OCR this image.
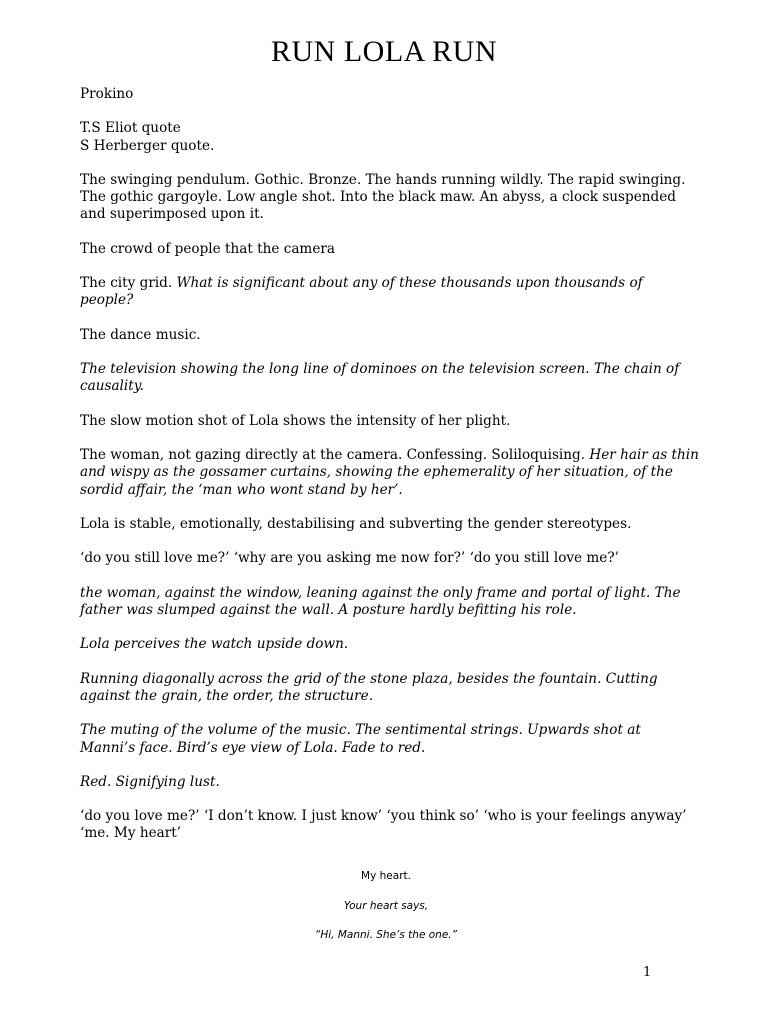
RUN LOLA RUN

Prokino

T.S Eliot quote

S Herberger quote.

The swinging pendulum. Gothic. Bronze. The hands running wildly. The rapid swinging. The gothic gargoyle. Low angle shot. Into the black maw. An abyss, a clock suspended and superimposed upon it.

The crowd of people that the camera

The city grid. What is significant about any of these thousands upon thousands of people?

The dance music.

The television showing the long line of dominoes on the television screen. The chain of causality.

The slow motion shot of Lola shows the intensity of her plight.

The woman, not gazing directly at the camera. Confessing. Soliloquising. Her hair as thin and wispy as the gossamer curtains, showing the ephemerality of her situation, of the sordid affair, the ‘man who wont stand by her’.

Lola is stable, emotionally, destabilising and subverting the gender stereotypes.

‘do you still love me?’ ‘why are you asking me now for?’ ‘do you still love me?’

the woman, against the window, leaning against the only frame and portal of light. The father was slumped against the wall. A posture hardly befitting his role.

Lola perceives the watch upside down.

Running diagonally across the grid of the stone plaza, besides the fountain. Cutting against the grain, the order, the structure.

The muting of the volume of the music. The sentimental strings. Upwards shot at Manni’s face. Bird’s eye view of Lola. Fade to red.

Red. Signifying lust.

‘do you love me?’ ‘I don’t know. I just know’ ‘you think so’ ‘who is your feelings anyway’ ‘me. My heart’

My heart.
Your heart says,
“Hi, Manni. She’s the one.”
1
